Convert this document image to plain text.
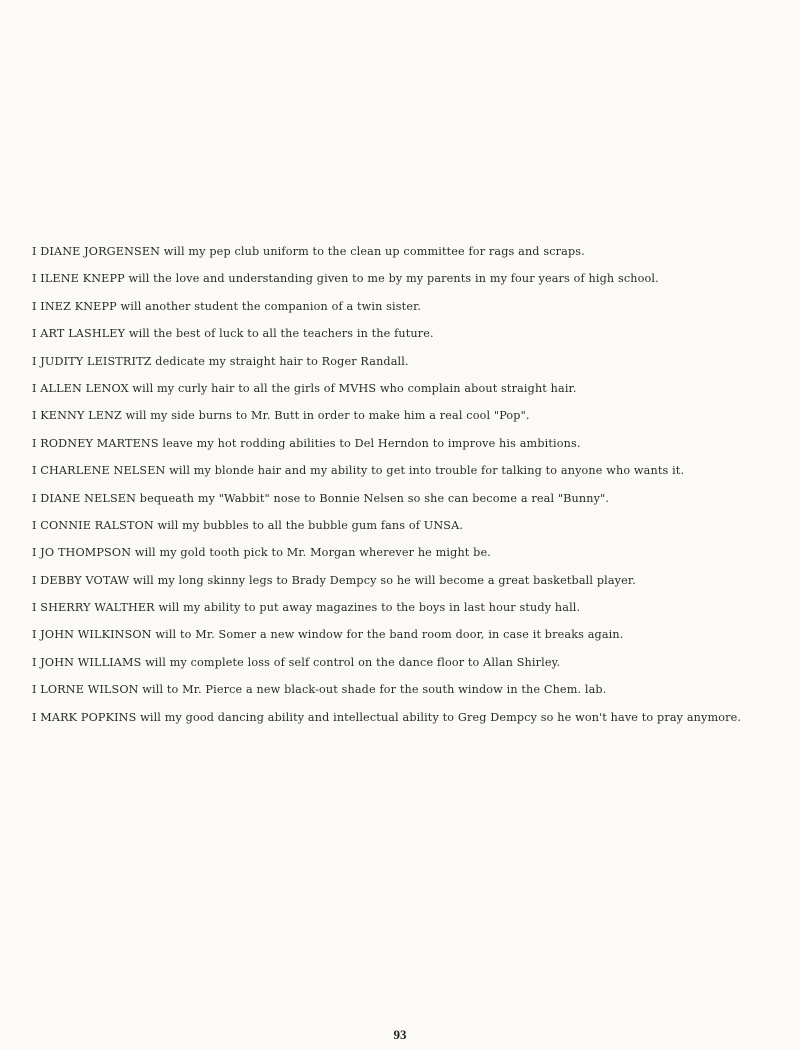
I DIANE JORGENSEN will my pep club uniform to the clean up committee for rags and scraps.
I ILENE KNEPP will the love and understanding given to me by my parents in my four years of high school.
I INEZ KNEPP will another student the companion of a twin sister.
I ART LASHLEY will the best of luck to all the teachers in the future.
I JUDITY LEISTRITZ dedicate my straight hair to Roger Randall.
I ALLEN LENOX will my curly hair to all the girls of MVHS who complain about straight hair.
I KENNY LENZ will my side burns to Mr. Butt in order to make him a real cool "Pop".
I RODNEY MARTENS leave my hot rodding abilities to Del Herndon to improve his ambitions.
I CHARLENE NELSEN will my blonde hair and my ability to get into trouble for talking to anyone who wants it.
I DIANE NELSEN bequeath my "Wabbit" nose to Bonnie Nelsen so she can become a real "Bunny".
I CONNIE RALSTON will my bubbles to all the bubble gum fans of UNSA.
I JO THOMPSON will my gold tooth pick to Mr. Morgan wherever he might be.
I DEBBY VOTAW will my long skinny legs to Brady Dempcy so he will become a great basketball player.
I SHERRY WALTHER will my ability to put away magazines to the boys in last hour study hall.
I JOHN WILKINSON will to Mr. Somer a new window for the band room door, in case it breaks again.
I JOHN WILLIAMS will my complete loss of self control on the dance floor to Allan Shirley.
I LORNE WILSON will to Mr. Pierce a new black-out shade for the south window in the Chem. lab.
I MARK POPKINS will my good dancing ability and intellectual ability to Greg Dempcy so he won't have to pray anymore.
93
